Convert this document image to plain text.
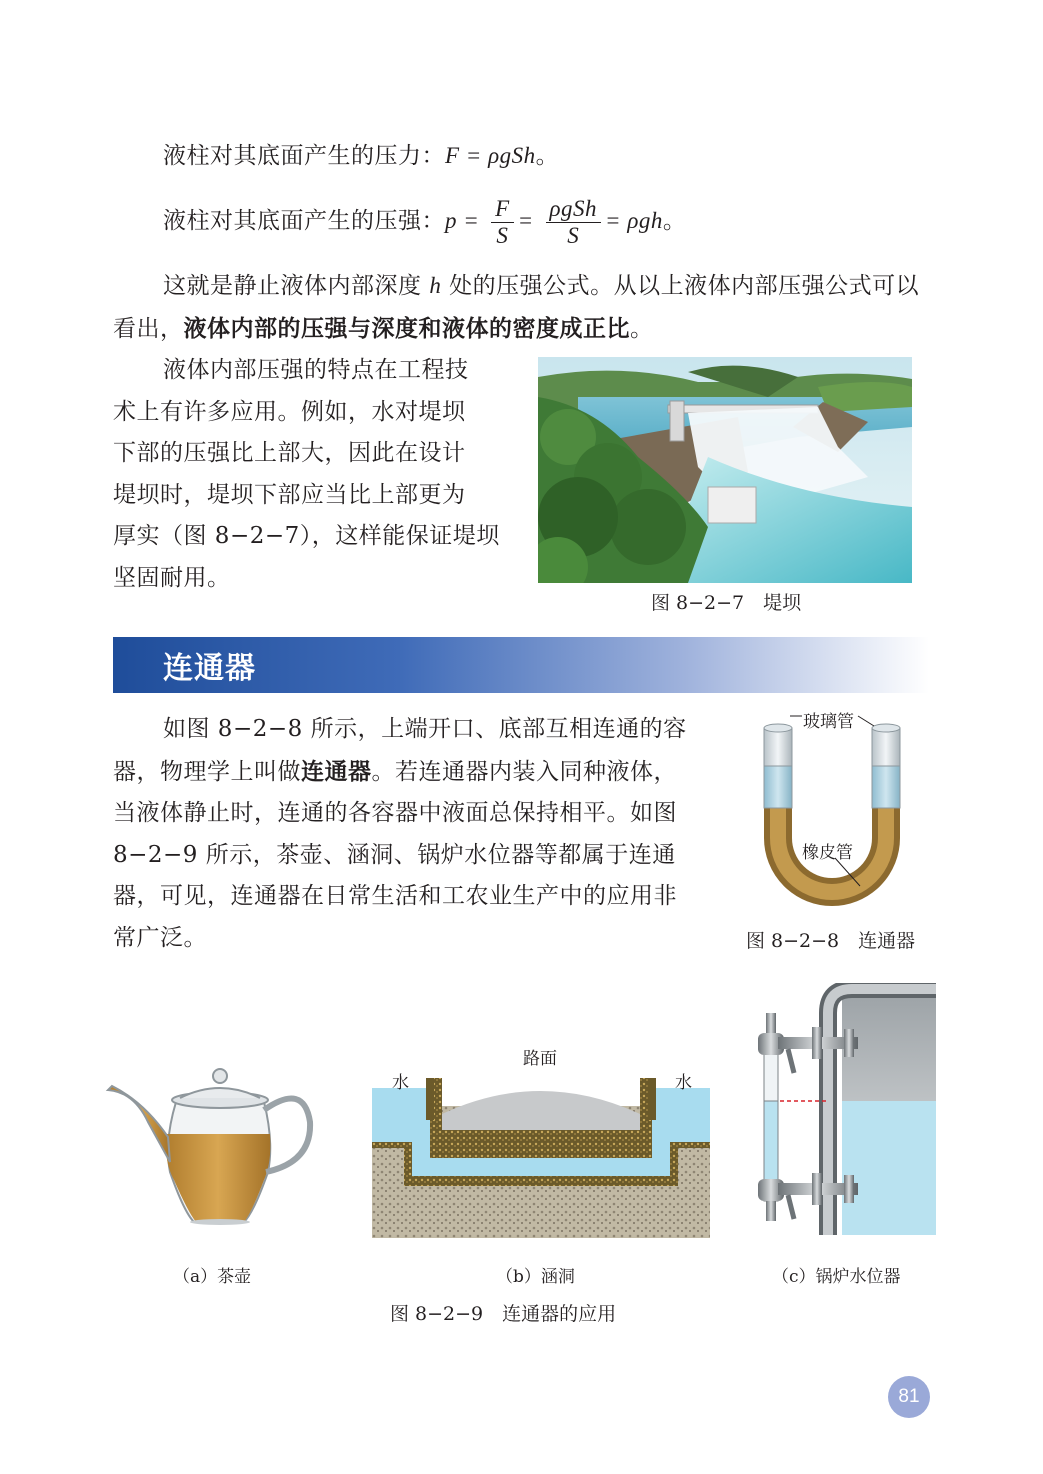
液柱对其底面产生的压力：F = ρgSh。
液柱对其底面产生的压强：$p = \frac{F}{S} = \frac{\text{ρgSh}}{S} = \rho gh$。
这就是静止液体内部深度 h 处的压强公式。从以上液体内部压强公式可以
看出，液体内部的压强与深度和液体的密度成正比。
液体内部压强的特点在工程技
术上有许多应用。例如，水对堤坝
下部的压强比上部大，因此在设计
堤坝时，堤坝下部应当比上部更为
厚实（图 8−2−7），这样能保证堤坝
坚固耐用。
图 8−2−7　堤坝
连通器
如图 8−2−8 所示，上端开口、底部互相连通的容
器，物理学上叫做连通器。若连通器内装入同种液体，
当液体静止时，连通的各容器中液面总保持相平。如图
8−2−9 所示，茶壶、涵洞、锅炉水位器等都属于连通
器，可见，连通器在日常生活和工农业生产中的应用非
常广泛。
玻璃管
橡皮管
图 8−2−8　连通器
（a）茶壶
路面
水	水
（b）涵洞	（c）锅炉水位器
图 8−2−9　连通器的应用
81
